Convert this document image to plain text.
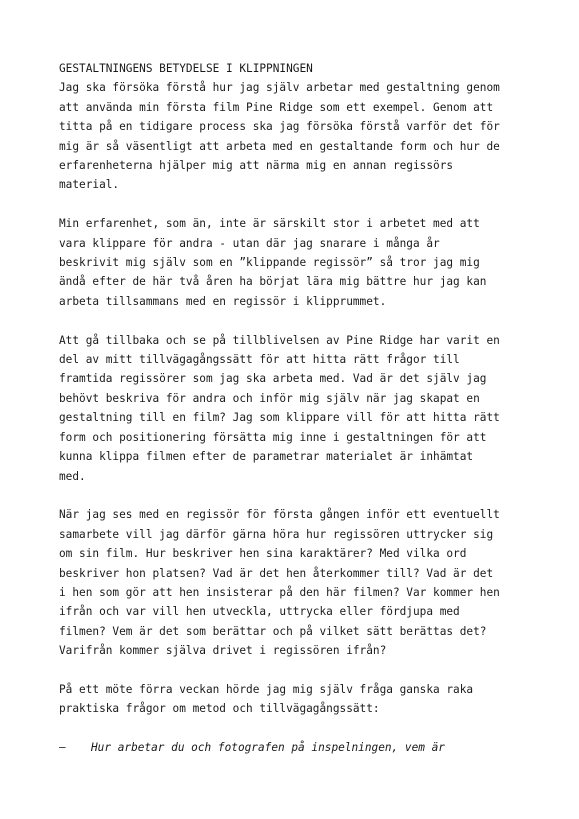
GESTALTNINGENS BETYDELSE I KLIPPNINGEN

Jag ska försöka förstå hur jag själv arbetar med gestaltning genom
att använda min första film Pine Ridge som ett exempel. Genom att
titta på en tidigare process ska jag försöka förstå varför det för
mig är så väsentligt att arbeta med en gestaltande form och hur de
erfarenheterna hjälper mig att närma mig en annan regissörs
material.

Min erfarenhet, som än, inte är särskilt stor i arbetet med att
vara klippare för andra - utan där jag snarare i många år
beskrivit mig själv som en ”klippande regissör” så tror jag mig
ändå efter de här två åren ha börjat lära mig bättre hur jag kan
arbeta tillsammans med en regissör i klipprummet.

Att gå tillbaka och se på tillblivelsen av Pine Ridge har varit en
del av mitt tillvägagångssätt för att hitta rätt frågor till
framtida regissörer som jag ska arbeta med. Vad är det själv jag
behövt beskriva för andra och inför mig själv när jag skapat en
gestaltning till en film? Jag som klippare vill för att hitta rätt
form och positionering försätta mig inne i gestaltningen för att
kunna klippa filmen efter de parametrar materialet är inhämtat
med.

När jag ses med en regissör för första gången inför ett eventuellt
samarbete vill jag därför gärna höra hur regissören uttrycker sig
om sin film. Hur beskriver hen sina karaktärer? Med vilka ord
beskriver hon platsen? Vad är det hen återkommer till? Vad är det
i hen som gör att hen insisterar på den här filmen? Var kommer hen
ifrån och var vill hen utveckla, uttrycka eller fördjupa med
filmen? Vem är det som berättar och på vilket sätt berättas det?
Varifrån kommer själva drivet i regissören ifrån?

På ett möte förra veckan hörde jag mig själv fråga ganska raka
praktiska frågor om metod och tillvägagångssätt:

– Hur arbetar du och fotografen på inspelningen, vem är
